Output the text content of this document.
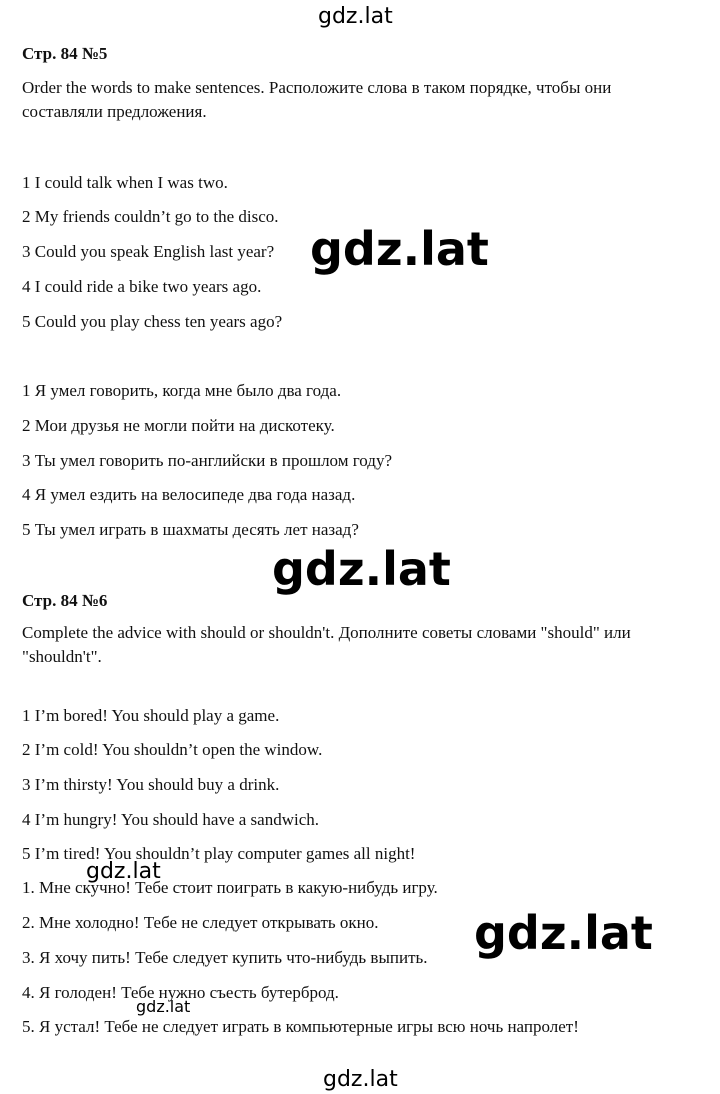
gdz.lat
Стр. 84 №5
Order the words to make sentences. Расположите слова в таком порядке, чтобы они составляли предложения.
1 I could talk when I was two.
2 My friends couldn’t go to the disco.
3 Could you speak English last year?
4 I could ride a bike two years ago.
5 Could you play chess ten years ago?
1 Я умел говорить, когда мне было два года.
2 Мои друзья не могли пойти на дискотеку.
3 Ты умел говорить по-английски в прошлом году?
4 Я умел ездить на велосипеде два года назад.
5 Ты умел играть в шахматы десять лет назад?
gdz.lat
gdz.lat
Стр. 84 №6
Complete the advice with should or shouldn't. Дополните советы словами "should" или "shouldn't".
1 I’m bored! You should play a game.
2 I’m cold! You shouldn’t open the window.
3 I’m thirsty! You should buy a drink.
4 I’m hungry! You should have a sandwich.
5 I’m tired! You shouldn’t play computer games all night!
1. Мне скучно! Тебе стоит поиграть в какую-нибудь игру.
2. Мне холодно! Тебе не следует открывать окно.
3. Я хочу пить! Тебе следует купить что-нибудь выпить.
4. Я голоден! Тебе нужно съесть бутерброд.
5. Я устал! Тебе не следует играть в компьютерные игры всю ночь напролет!
gdz.lat
gdz.lat
gdz.lat
gdz.lat
